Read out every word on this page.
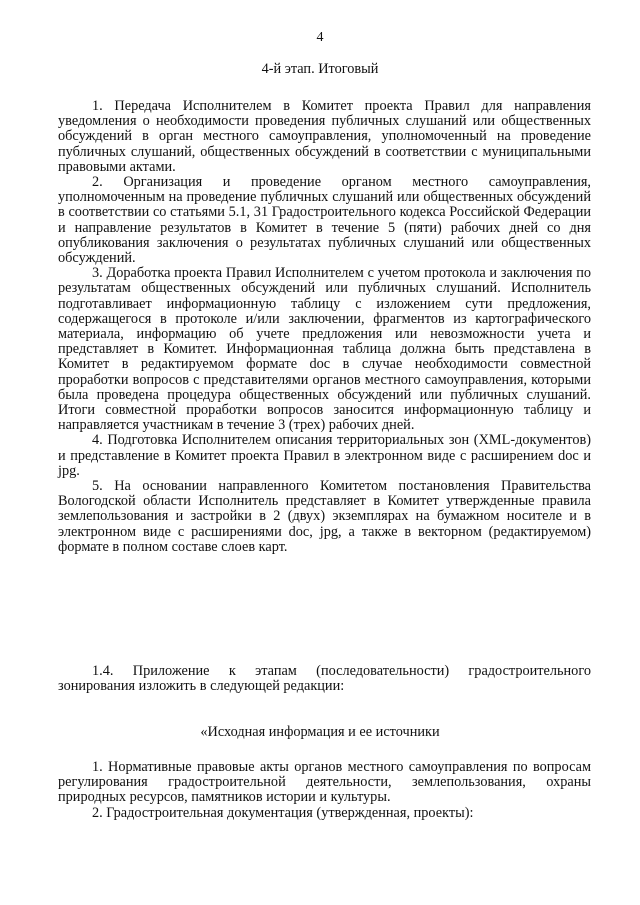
4
4-й этап. Итоговый

1. Передача Исполнителем в Комитет проекта Правил для направления уведомления о необходимости проведения публичных слушаний или общественных обсуждений в орган местного самоуправления, уполномоченный на проведение публичных слушаний, общественных обсуждений в соответствии с муниципальными правовыми актами.

2. Организация и проведение органом местного самоуправления, уполномоченным на проведение публичных слушаний или общественных обсуждений в соответствии со статьями 5.1, 31 Градостроительного кодекса Российской Федерации и направление результатов в Комитет в течение 5 (пяти) рабочих дней со дня опубликования заключения о результатах публичных слушаний или общественных обсуждений.

3. Доработка проекта Правил Исполнителем с учетом протокола и заключения по результатам общественных обсуждений или публичных слушаний. Исполнитель подготавливает информационную таблицу с изложением сути предложения, содержащегося в протоколе и/или заключении, фрагментов из картографического материала, информацию об учете предложения или невозможности учета и представляет в Комитет. Информационная таблица должна быть представлена в Комитет в редактируемом формате doc в случае необходимости совместной проработки вопросов с представителями органов местного самоуправления, которыми была проведена процедура общественных обсуждений или публичных слушаний. Итоги совместной проработки вопросов заносится информационную таблицу и направляется участникам в течение 3 (трех) рабочих дней.

4. Подготовка Исполнителем описания территориальных зон (XML-документов) и представление в Комитет проекта Правил в электронном виде с расширением doc и jpg.

5. На основании направленного Комитетом постановления Правительства Вологодской области Исполнитель представляет в Комитет утвержденные правила землепользования и застройки в 2 (двух) экземплярах на бумажном носителе и в электронном виде с расширениями doc, jpg, а также в векторном (редактируемом) формате в полном составе слоев карт.

1.4. Приложение к этапам (последовательности) градостроительного зонирования изложить в следующей редакции:

«Исходная информация и ее источники

1. Нормативные правовые акты органов местного самоуправления по вопросам регулирования градостроительной деятельности, землепользования, охраны природных ресурсов, памятников истории и культуры.

2. Градостроительная документация (утвержденная, проекты):
